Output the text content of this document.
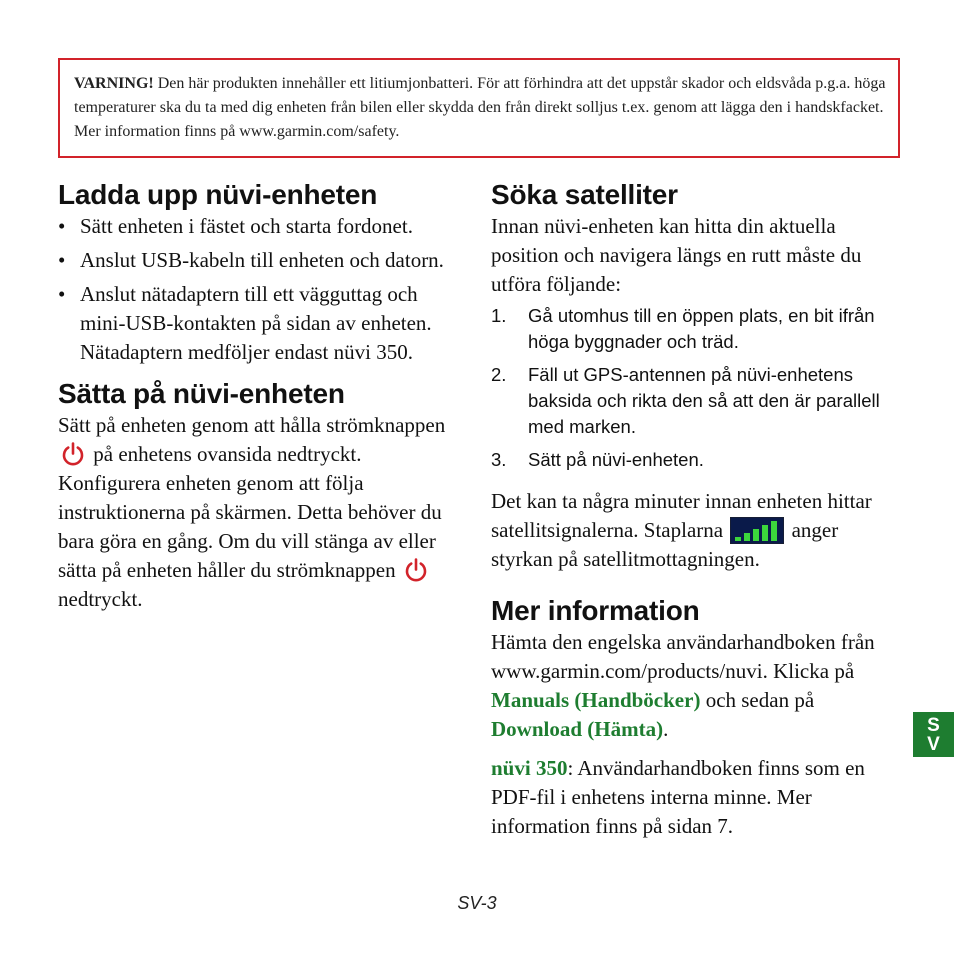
VARNING! Den här produkten innehåller ett litiumjonbatteri. För att förhindra att det uppstår skador och eldsvåda p.g.a. höga temperaturer ska du ta med dig enheten från bilen eller skydda den från direkt solljus t.ex. genom att lägga den i handskfacket. Mer information finns på www.garmin.com/safety.
Ladda upp nüvi-enheten
• Sätt enheten i fästet och starta fordonet.
• Anslut USB-kabeln till enheten och datorn.
• Anslut nätadaptern till ett vägguttag och mini-USB-kontakten på sidan av enheten. Nätadaptern medföljer endast nüvi 350.
Sätta på nüvi-enheten

Sätt på enheten genom att hålla strömknappen  på enhetens ovansida nedtryckt. Konfigurera enheten genom att följa instruktionerna på skärmen. Detta behöver du bara göra en gång. Om du vill stänga av eller sätta på enheten håller du strömknappen  nedtryckt.

Söka satelliter

Innan nüvi-enheten kan hitta din aktuella position och navigera längs en rutt måste du utföra följande:

1. Gå utomhus till en öppen plats, en bit ifrån höga byggnader och träd.
2. Fäll ut GPS-antennen på nüvi-enhetens baksida och rikta den så att den är parallell med marken.
3. Sätt på nüvi-enheten.

Det kan ta några minuter innan enheten hittar satellitsignalerna. Staplarna	anger styrkan på satellitmottagningen.

Mer information

Hämta den engelska användarhandboken från www.garmin.com/products/nuvi. Klicka på Manuals (Handböcker) och sedan på Download (Hämta).

nüvi 350: Användarhandboken finns som en PDF-fil i enhetens interna minne. Mer information finns på sidan 7.

S
V
SV-3
